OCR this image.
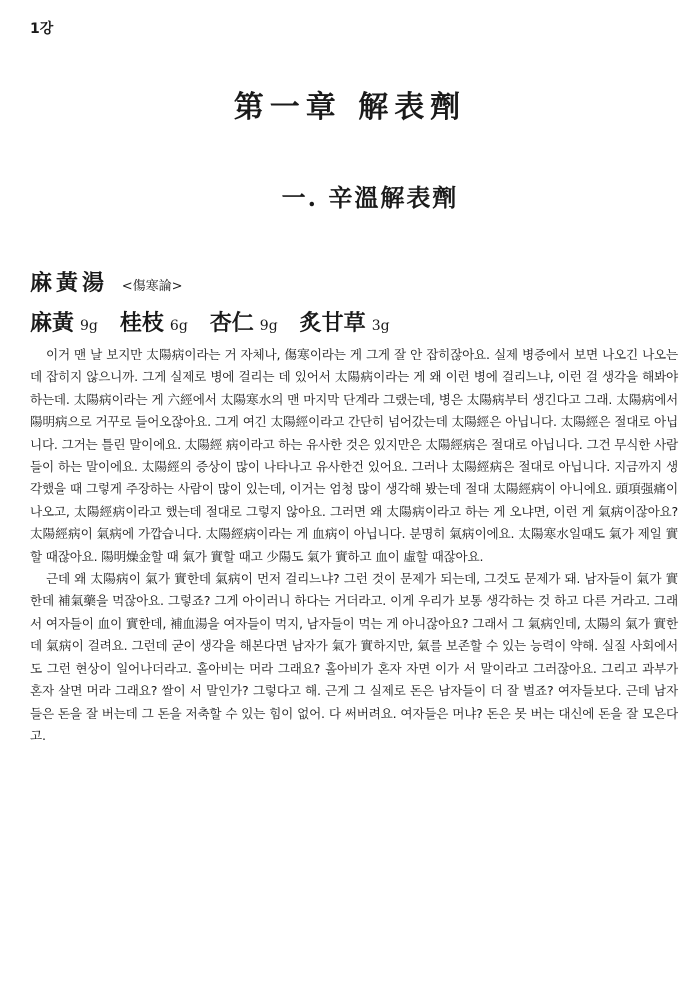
1강
第一章 解表劑
一. 辛溫解表劑
麻黃湯 <傷寒論>
麻黃 9g 桂枝 6g 杏仁 9g 炙甘草 3g

이거 맨 날 보지만 太陽病이라는 거 자체나, 傷寒이라는 게 그게 잘 안 잡히잖아요. 실제 병증에서 보면 나오긴 나오는데 잡히지 않으니까. 그게 실제로 병에 걸리는 데 있어서 太陽病이라는 게 왜 이런 병에 걸리느냐, 이런 걸 생각을 해봐야하는데. 太陽病이라는 게 六經에서 太陽寒水의 맨 마지막 단계라 그랬는데, 병은 太陽病부터 생긴다고 그래. 太陽病에서 陽明病으로 거꾸로 들어오잖아요. 그게 여긴 太陽經이라고 간단히 넘어갔는데 太陽經은 아닙니다. 太陽經은 절대로 아닙니다. 그거는 틀린 말이에요. 太陽經 病이라고 하는 유사한 것은 있지만은 太陽經病은 절대로 아닙니다. 그건 무식한 사람들이 하는 말이에요. 太陽經의 증상이 많이 나타나고 유사한건 있어요. 그러나 太陽經病은 절대로 아닙니다. 지금까지 생각했을 때 그렇게 주장하는 사람이 많이 있는데, 이거는 엄청 많이 생각해 봤는데 절대 太陽經病이 아니에요. 頭項强痛이 나오고, 太陽經病이라고 했는데 절대로 그렇지 않아요. 그러면 왜 太陽病이라고 하는 게 오냐면, 이런 게 氣病이잖아요? 太陽經病이 氣病에 가깝습니다. 太陽經病이라는 게 血病이 아닙니다. 분명히 氣病이에요. 太陽寒水일때도 氣가 제일 實할 때잖아요. 陽明燥金할 때 氣가 實할 때고 少陽도 氣가 實하고 血이 虛할 때잖아요.

근데 왜 太陽病이 氣가 實한데 氣病이 먼저 걸리느냐? 그런 것이 문제가 되는데, 그것도 문제가 돼. 남자들이 氣가 實한데 補氣藥을 먹잖아요. 그렇죠? 그게 아이러니 하다는 거더라고. 이게 우리가 보통 생각하는 것 하고 다른 거라고. 그래서 여자들이 血이 實한데, 補血湯을 여자들이 먹지, 남자들이 먹는 게 아니잖아요? 그래서 그 氣病인데, 太陽의 氣가 實한데 氣病이 걸려요. 그런데 굳이 생각을 해본다면 남자가 氣가 實하지만, 氣를 보존할 수 있는 능력이 약해. 실질 사회에서도 그런 현상이 일어나더라고. 홀아비는 머라 그래요? 홀아비가 혼자 자면 이가 서 말이라고 그러잖아요. 그리고 과부가 혼자 살면 머라 그래요? 쌀이 서 말인가? 그렇다고 해. 근게 그 실제로 돈은 남자들이 더 잘 벌죠? 여자들보다. 근데 남자들은 돈을 잘 버는데 그 돈을 저축할 수 있는 힘이 없어. 다 써버려요. 여자들은 머냐? 돈은 못 버는 대신에 돈을 잘 모은다고.
